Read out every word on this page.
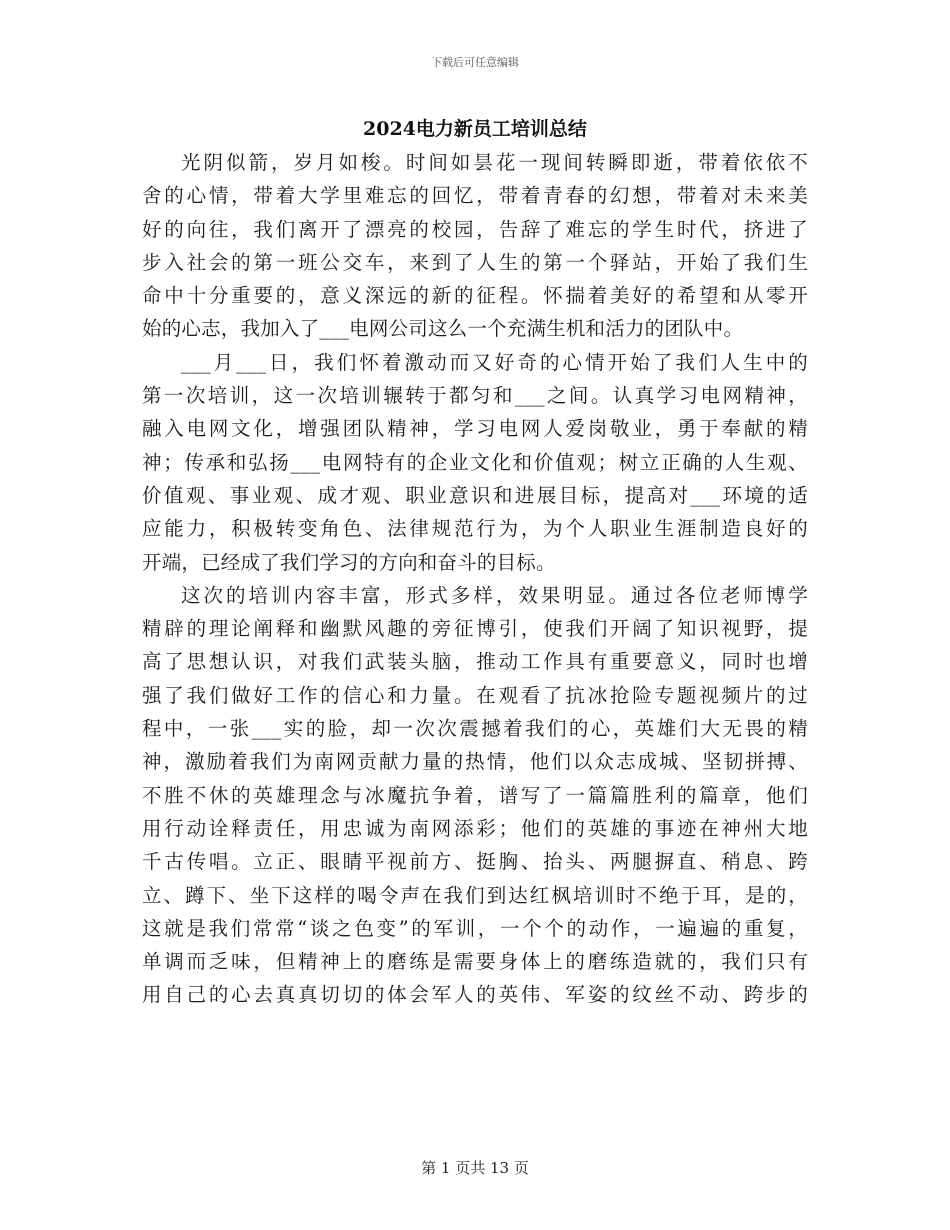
下载后可任意编辑
2024电力新员工培训总结
光阴似箭，岁月如梭。时间如昙花一现间转瞬即逝，带着依依不
舍的心情，带着大学里难忘的回忆，带着青春的幻想，带着对未来美
好的向往，我们离开了漂亮的校园，告辞了难忘的学生时代，挤进了
步入社会的第一班公交车，来到了人生的第一个驿站，开始了我们生
命中十分重要的，意义深远的新的征程。怀揣着美好的希望和从零开
始的心志，我加入了___电网公司这么一个充满生机和活力的团队中。
___月___日，我们怀着激动而又好奇的心情开始了我们人生中的
第一次培训，这一次培训辗转于都匀和___之间。认真学习电网精神，
融入电网文化，增强团队精神，学习电网人爱岗敬业，勇于奉献的精
神；传承和弘扬___电网特有的企业文化和价值观；树立正确的人生观、
价值观、事业观、成才观、职业意识和进展目标，提高对___环境的适
应能力，积极转变角色、法律规范行为，为个人职业生涯制造良好的
开端，已经成了我们学习的方向和奋斗的目标。
这次的培训内容丰富，形式多样，效果明显。通过各位老师博学
精辟的理论阐释和幽默风趣的旁征博引，使我们开阔了知识视野，提
高了思想认识，对我们武装头脑，推动工作具有重要意义，同时也增
强了我们做好工作的信心和力量。在观看了抗冰抢险专题视频片的过
程中，一张___实的脸，却一次次震撼着我们的心，英雄们大无畏的精
神，激励着我们为南网贡献力量的热情，他们以众志成城、坚韧拼搏、
不胜不休的英雄理念与冰魔抗争着，谱写了一篇篇胜利的篇章，他们
用行动诠释责任，用忠诚为南网添彩；他们的英雄的事迹在神州大地
千古传唱。立正、眼睛平视前方、挺胸、抬头、两腿摒直、稍息、跨
立、蹲下、坐下这样的喝令声在我们到达红枫培训时不绝于耳，是的，
这就是我们常常“谈之色变”的军训，一个个的动作，一遍遍的重复，
单调而乏味，但精神上的磨练是需要身体上的磨练造就的，我们只有
用自己的心去真真切切的体会军人的英伟、军姿的纹丝不动、跨步的
第 1 页共 13 页
